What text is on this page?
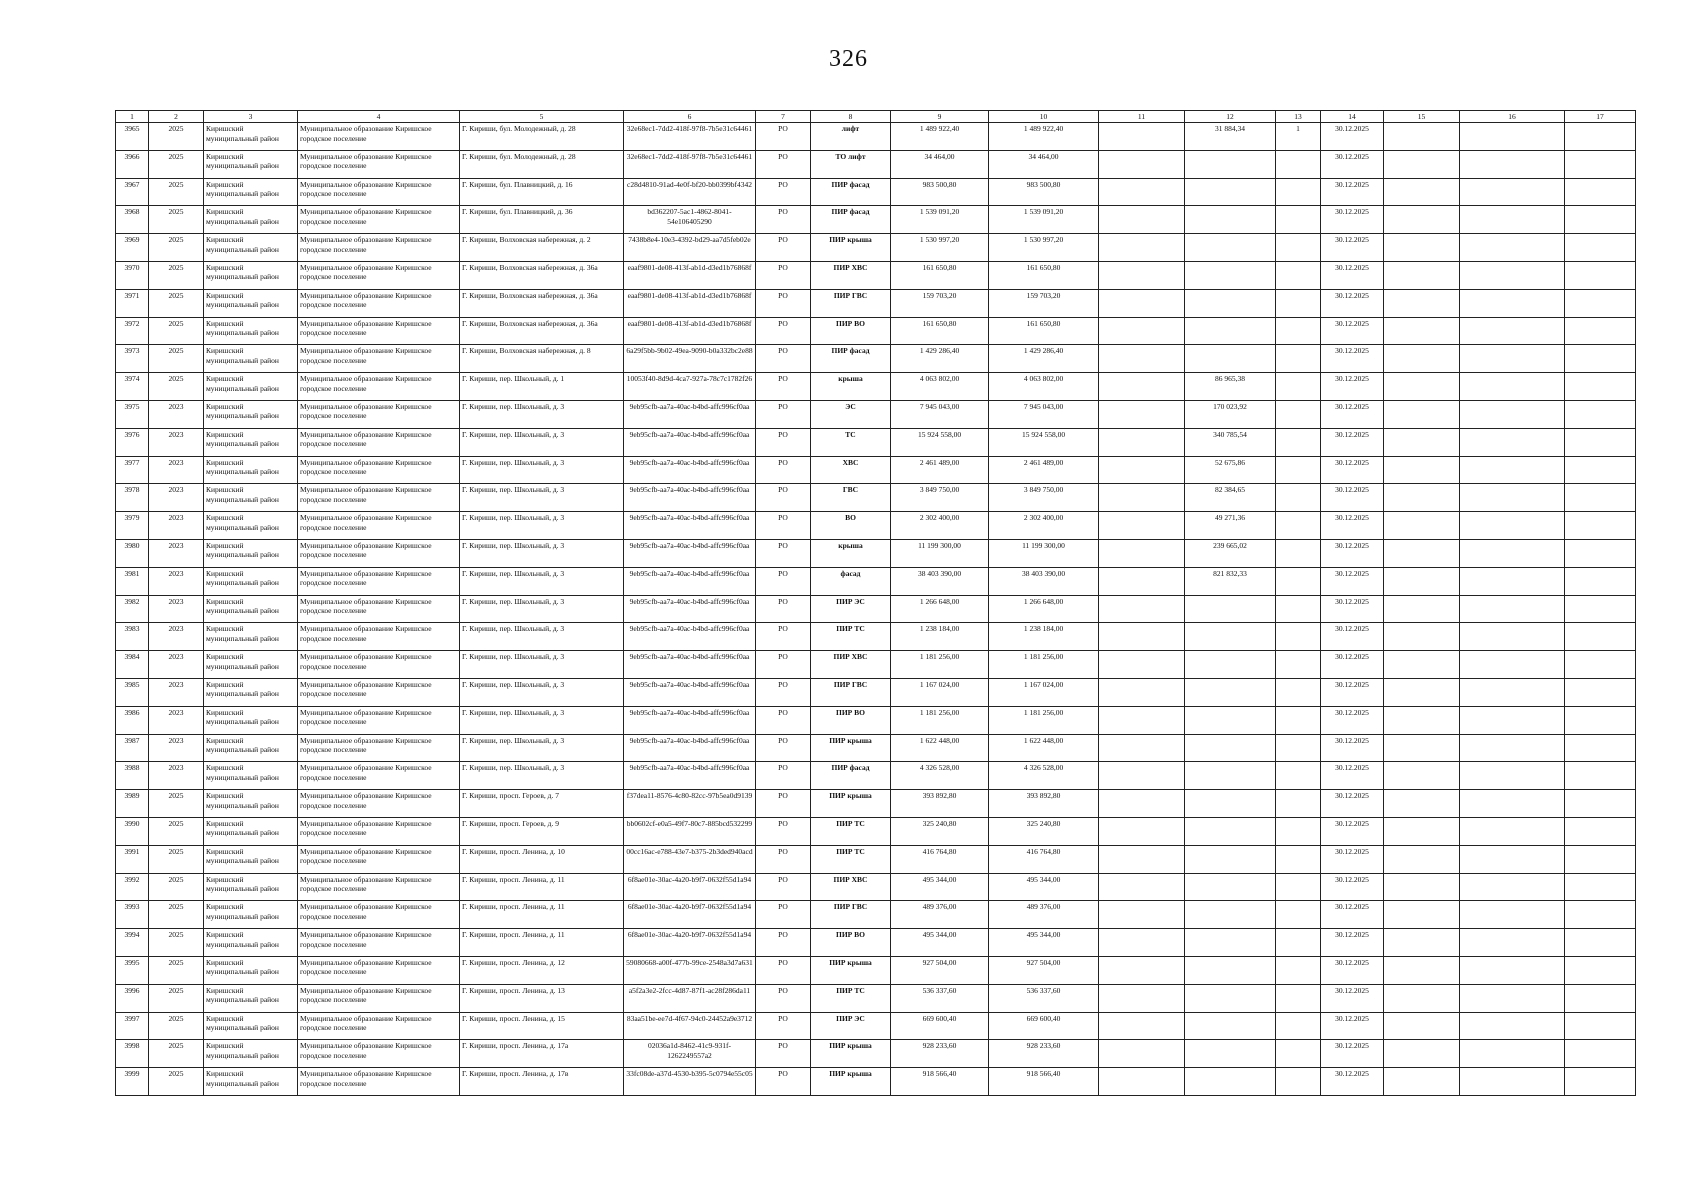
326
1	2	3	4	5	6	7	8	9	10	11	12	13	14	15	16	17
3965	2025	Киришский муниципальный район	Муниципальное образование Киришское городское поселение	Г. Кириши, бул. Молодежный, д. 28	32e68ec1-7dd2-418f-97f8-7b5e31c64461	РО	лифт	1 489 922,40	1 489 922,40		31 884,34	1	30.12.2025			
3966	2025	Киришский муниципальный район	Муниципальное образование Киришское городское поселение	Г. Кириши, бул. Молодежный, д. 28	32e68ec1-7dd2-418f-97f8-7b5e31c64461	РО	ТО лифт	34 464,00	34 464,00				30.12.2025			
3967	2025	Киришский муниципальный район	Муниципальное образование Киришское городское поселение	Г. Кириши, бул. Плавницкий, д. 16	c28d4810-91ad-4e0f-bf20-bb0399bf4342	РО	ПИР фасад	983 500,80	983 500,80				30.12.2025			
3968	2025	Киришский муниципальный район	Муниципальное образование Киришское городское поселение	Г. Кириши, бул. Плавницкий, д. 36	bd362207-5ac1-4862-8041-54e106405290	РО	ПИР фасад	1 539 091,20	1 539 091,20				30.12.2025			
3969	2025	Киришский муниципальный район	Муниципальное образование Киришское городское поселение	Г. Кириши, Волховская набережная, д. 2	7438b8e4-10e3-4392-bd29-aa7d5feb02e	РО	ПИР крыша	1 530 997,20	1 530 997,20				30.12.2025			
3970	2025	Киришский муниципальный район	Муниципальное образование Киришское городское поселение	Г. Кириши, Волховская набережная, д. 36а	eaaf9801-de08-413f-ab1d-d3ed1b76868f	РО	ПИР ХВС	161 650,80	161 650,80				30.12.2025			
3971	2025	Киришский муниципальный район	Муниципальное образование Киришское городское поселение	Г. Кириши, Волховская набережная, д. 36а	eaaf9801-de08-413f-ab1d-d3ed1b76868f	РО	ПИР ГВС	159 703,20	159 703,20				30.12.2025			
3972	2025	Киришский муниципальный район	Муниципальное образование Киришское городское поселение	Г. Кириши, Волховская набережная, д. 36а	eaaf9801-de08-413f-ab1d-d3ed1b76868f	РО	ПИР ВО	161 650,80	161 650,80				30.12.2025			
3973	2025	Киришский муниципальный район	Муниципальное образование Киришское городское поселение	Г. Кириши, Волховская набережная, д. 8	6a29f5bb-9b02-49ea-9090-b0a332bc2e88	РО	ПИР фасад	1 429 286,40	1 429 286,40				30.12.2025			
3974	2025	Киришский муниципальный район	Муниципальное образование Киришское городское поселение	Г. Кириши, пер. Школьный, д. 1	10053f40-8d9d-4ca7-927a-78c7c1782f26	РО	крыша	4 063 802,00	4 063 802,00		86 965,38		30.12.2025			
3975	2023	Киришский муниципальный район	Муниципальное образование Киришское городское поселение	Г. Кириши, пер. Школьный, д. 3	9eb95cfb-aa7a-40ac-b4bd-affc996cf0aa	РО	ЭС	7 945 043,00	7 945 043,00		170 023,92		30.12.2025			
3976	2023	Киришский муниципальный район	Муниципальное образование Киришское городское поселение	Г. Кириши, пер. Школьный, д. 3	9eb95cfb-aa7a-40ac-b4bd-affc996cf0aa	РО	ТС	15 924 558,00	15 924 558,00		340 785,54		30.12.2025			
3977	2023	Киришский муниципальный район	Муниципальное образование Киришское городское поселение	Г. Кириши, пер. Школьный, д. 3	9eb95cfb-aa7a-40ac-b4bd-affc996cf0aa	РО	ХВС	2 461 489,00	2 461 489,00		52 675,86		30.12.2025			
3978	2023	Киришский муниципальный район	Муниципальное образование Киришское городское поселение	Г. Кириши, пер. Школьный, д. 3	9eb95cfb-aa7a-40ac-b4bd-affc996cf0aa	РО	ГВС	3 849 750,00	3 849 750,00		82 384,65		30.12.2025			
3979	2023	Киришский муниципальный район	Муниципальное образование Киришское городское поселение	Г. Кириши, пер. Школьный, д. 3	9eb95cfb-aa7a-40ac-b4bd-affc996cf0aa	РО	ВО	2 302 400,00	2 302 400,00		49 271,36		30.12.2025			
3980	2023	Киришский муниципальный район	Муниципальное образование Киришское городское поселение	Г. Кириши, пер. Школьный, д. 3	9eb95cfb-aa7a-40ac-b4bd-affc996cf0aa	РО	крыша	11 199 300,00	11 199 300,00		239 665,02		30.12.2025			
3981	2023	Киришский муниципальный район	Муниципальное образование Киришское городское поселение	Г. Кириши, пер. Школьный, д. 3	9eb95cfb-aa7a-40ac-b4bd-affc996cf0aa	РО	фасад	38 403 390,00	38 403 390,00		821 832,33		30.12.2025			
3982	2023	Киришский муниципальный район	Муниципальное образование Киришское городское поселение	Г. Кириши, пер. Школьный, д. 3	9eb95cfb-aa7a-40ac-b4bd-affc996cf0aa	РО	ПИР ЭС	1 266 648,00	1 266 648,00				30.12.2025			
3983	2023	Киришский муниципальный район	Муниципальное образование Киришское городское поселение	Г. Кириши, пер. Школьный, д. 3	9eb95cfb-aa7a-40ac-b4bd-affc996cf0aa	РО	ПИР ТС	1 238 184,00	1 238 184,00				30.12.2025			
3984	2023	Киришский муниципальный район	Муниципальное образование Киришское городское поселение	Г. Кириши, пер. Школьный, д. 3	9eb95cfb-aa7a-40ac-b4bd-affc996cf0aa	РО	ПИР ХВС	1 181 256,00	1 181 256,00				30.12.2025			
3985	2023	Киришский муниципальный район	Муниципальное образование Киришское городское поселение	Г. Кириши, пер. Школьный, д. 3	9eb95cfb-aa7a-40ac-b4bd-affc996cf0aa	РО	ПИР ГВС	1 167 024,00	1 167 024,00				30.12.2025			
3986	2023	Киришский муниципальный район	Муниципальное образование Киришское городское поселение	Г. Кириши, пер. Школьный, д. 3	9eb95cfb-aa7a-40ac-b4bd-affc996cf0aa	РО	ПИР ВО	1 181 256,00	1 181 256,00				30.12.2025			
3987	2023	Киришский муниципальный район	Муниципальное образование Киришское городское поселение	Г. Кириши, пер. Школьный, д. 3	9eb95cfb-aa7a-40ac-b4bd-affc996cf0aa	РО	ПИР крыша	1 622 448,00	1 622 448,00				30.12.2025			
3988	2023	Киришский муниципальный район	Муниципальное образование Киришское городское поселение	Г. Кириши, пер. Школьный, д. 3	9eb95cfb-aa7a-40ac-b4bd-affc996cf0aa	РО	ПИР фасад	4 326 528,00	4 326 528,00				30.12.2025			
3989	2025	Киришский муниципальный район	Муниципальное образование Киришское городское поселение	Г. Кириши, просп. Героев, д. 7	f37dea11-8576-4c80-82cc-97b5ea0d9139	РО	ПИР крыша	393 892,80	393 892,80				30.12.2025			
3990	2025	Киришский муниципальный район	Муниципальное образование Киришское городское поселение	Г. Кириши, просп. Героев, д. 9	bb0602cf-e0a5-49f7-80c7-885bcd532299	РО	ПИР ТС	325 240,80	325 240,80				30.12.2025			
3991	2025	Киришский муниципальный район	Муниципальное образование Киришское городское поселение	Г. Кириши, просп. Ленина, д. 10	00cc16ac-e788-43e7-b375-2b3ded940acd	РО	ПИР ТС	416 764,80	416 764,80				30.12.2025			
3992	2025	Киришский муниципальный район	Муниципальное образование Киришское городское поселение	Г. Кириши, просп. Ленина, д. 11	6f8ae01e-30ac-4a20-b9f7-0632f55d1a94	РО	ПИР ХВС	495 344,00	495 344,00				30.12.2025			
3993	2025	Киришский муниципальный район	Муниципальное образование Киришское городское поселение	Г. Кириши, просп. Ленина, д. 11	6f8ae01e-30ac-4a20-b9f7-0632f55d1a94	РО	ПИР ГВС	489 376,00	489 376,00				30.12.2025			
3994	2025	Киришский муниципальный район	Муниципальное образование Киришское городское поселение	Г. Кириши, просп. Ленина, д. 11	6f8ae01e-30ac-4a20-b9f7-0632f55d1a94	РО	ПИР ВО	495 344,00	495 344,00				30.12.2025			
3995	2025	Киришский муниципальный район	Муниципальное образование Киришское городское поселение	Г. Кириши, просп. Ленина, д. 12	59080668-a00f-477b-99ce-2548a3d7a631	РО	ПИР крыша	927 504,00	927 504,00				30.12.2025			
3996	2025	Киришский муниципальный район	Муниципальное образование Киришское городское поселение	Г. Кириши, просп. Ленина, д. 13	a5f2a3e2-2fcc-4d87-87f1-ac28f286da11	РО	ПИР ТС	536 337,60	536 337,60				30.12.2025			
3997	2025	Киришский муниципальный район	Муниципальное образование Киришское городское поселение	Г. Кириши, просп. Ленина, д. 15	83aa51be-ee7d-4f67-94c0-24452a9e3712	РО	ПИР ЭС	669 600,40	669 600,40				30.12.2025			
3998	2025	Киришский муниципальный район	Муниципальное образование Киришское городское поселение	Г. Кириши, просп. Ленина, д. 17а	02036a1d-8462-41c9-931f-1262249557a2	РО	ПИР крыша	928 233,60	928 233,60				30.12.2025			
3999	2025	Киришский муниципальный район	Муниципальное образование Киришское городское поселение	Г. Кириши, просп. Ленина, д. 17в	33fc08de-a37d-4530-b395-5c0794e55c05	РО	ПИР крыша	918 566,40	918 566,40				30.12.2025			
